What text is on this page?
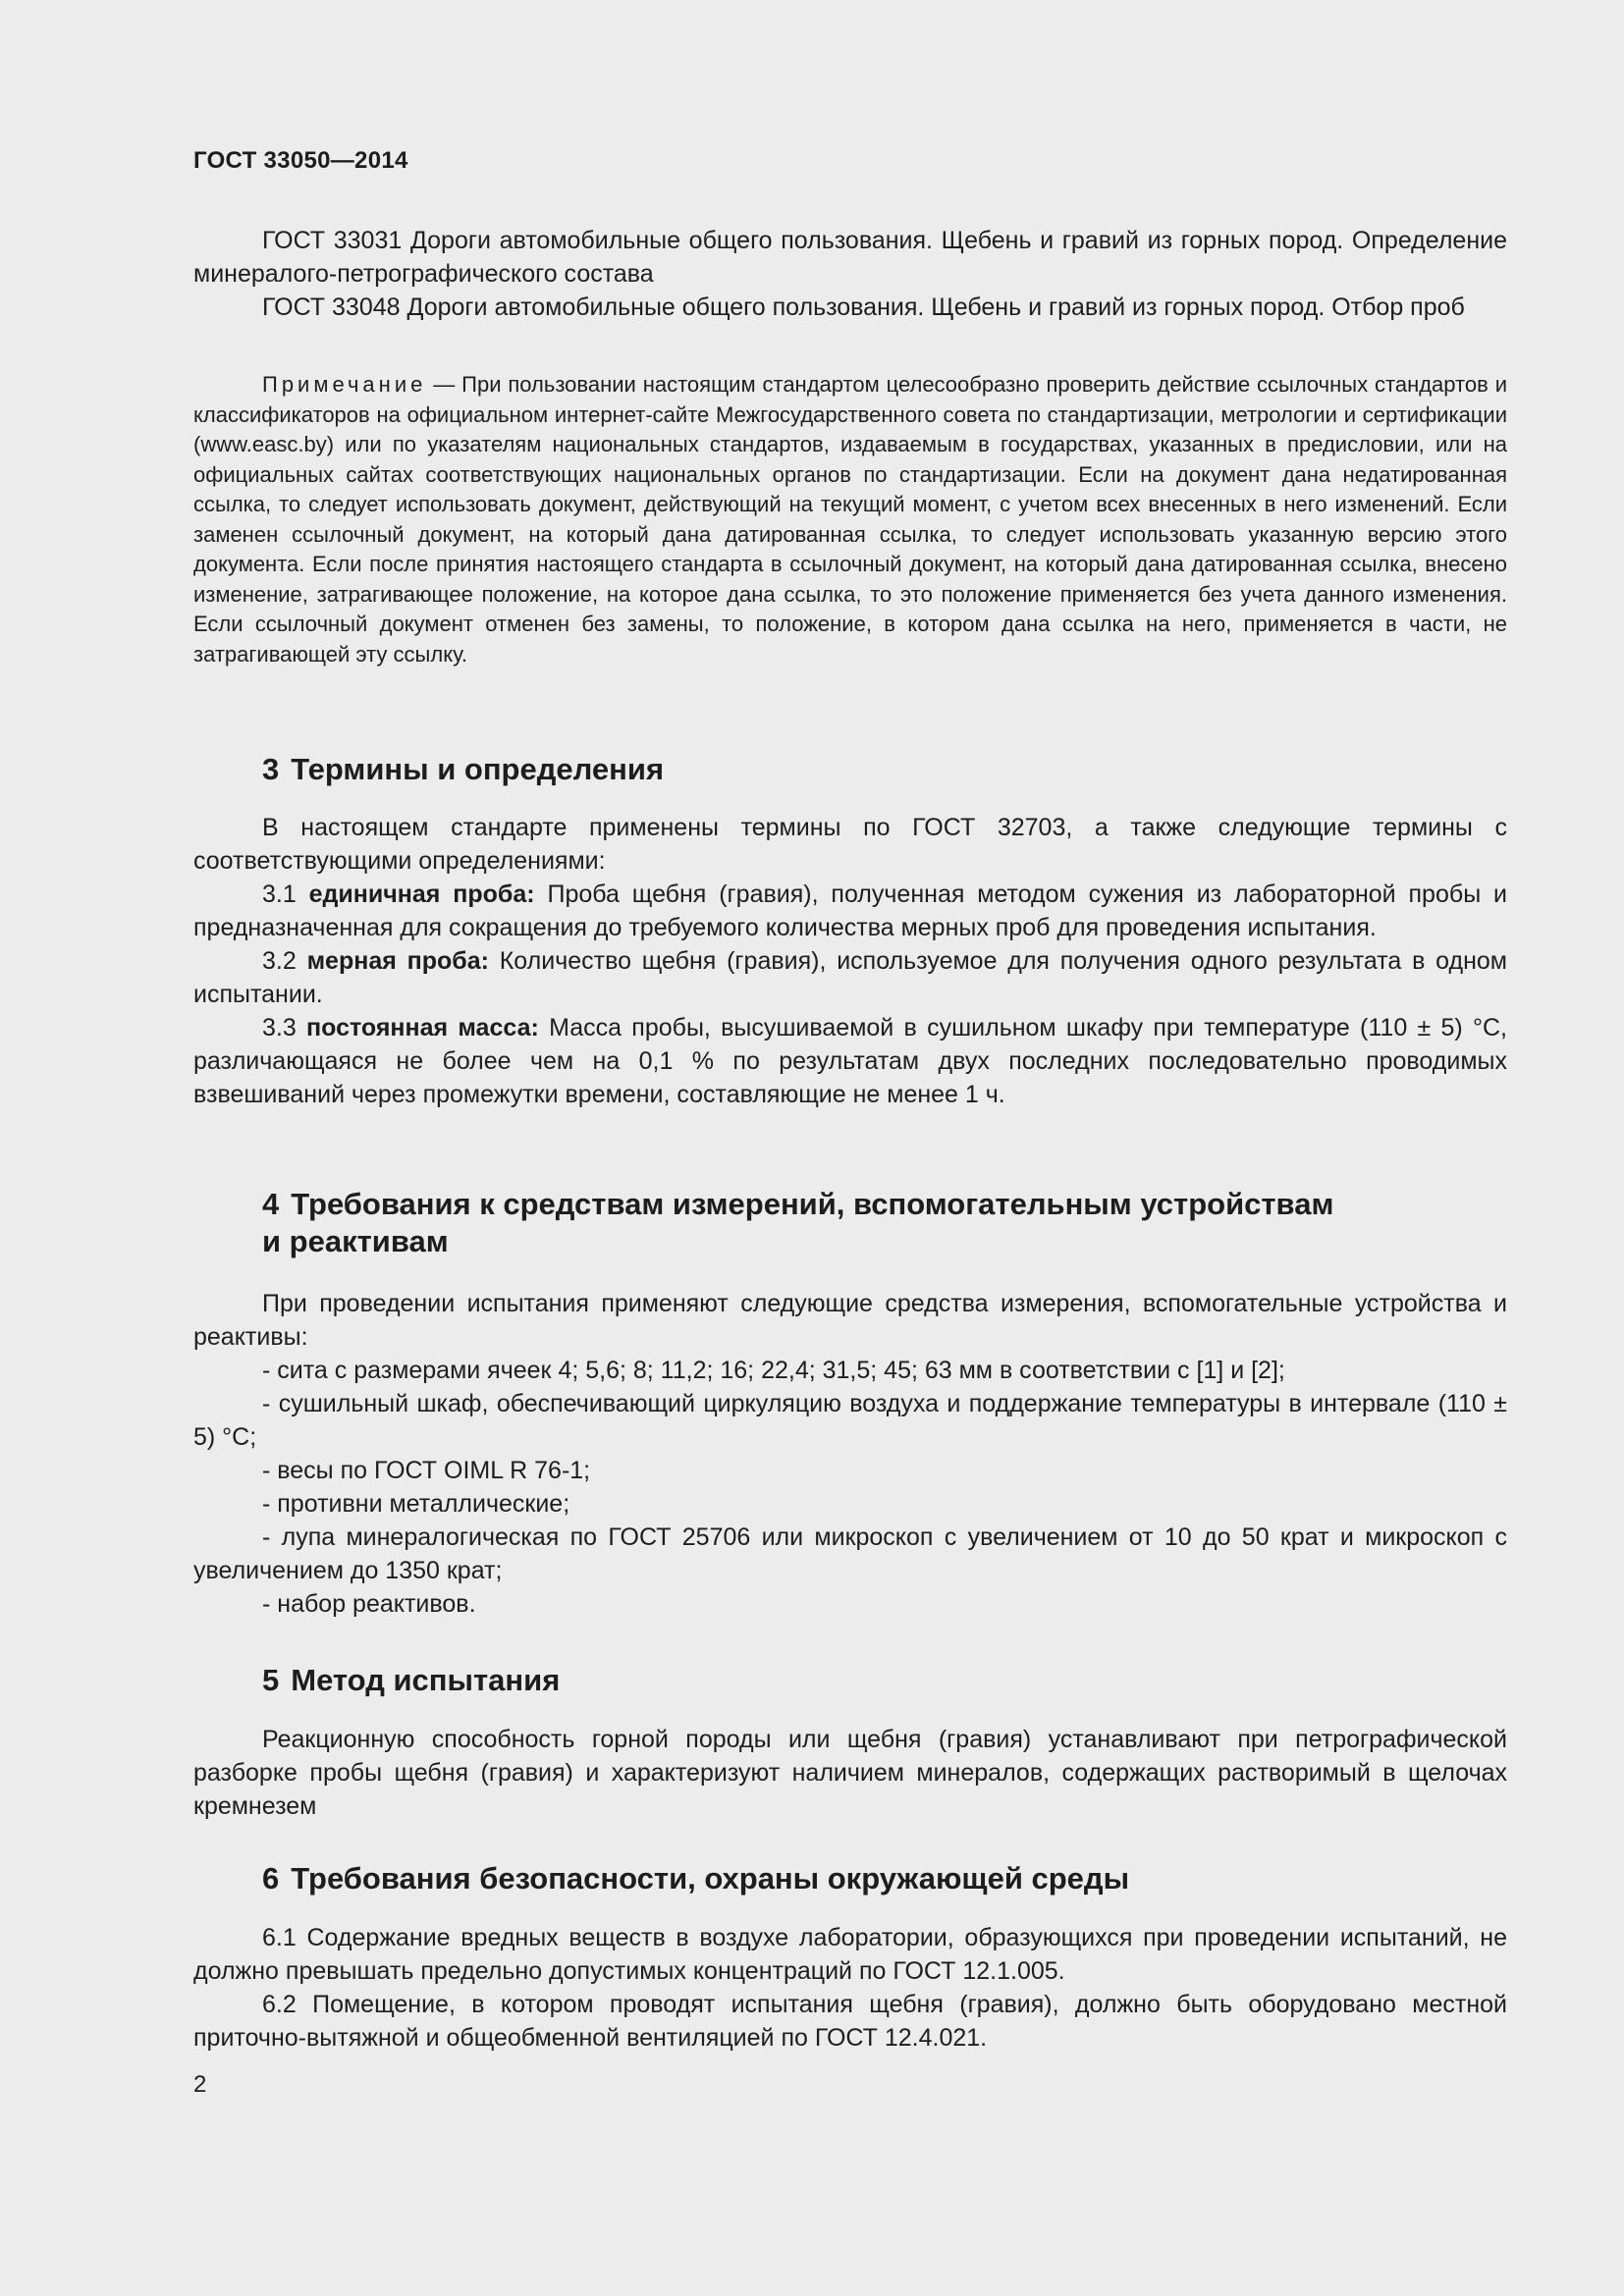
ГОСТ 33050—2014

ГОСТ 33031 Дороги автомобильные общего пользования. Щебень и гравий из горных пород. Определение минералого-петрографического состава

ГОСТ 33048 Дороги автомобильные общего пользования. Щебень и гравий из горных пород. Отбор проб

Примечание — При пользовании настоящим стандартом целесообразно проверить действие ссылочных стандартов и классификаторов на официальном интернет-сайте Межгосударственного совета по стандартизации, метрологии и сертификации (www.easc.by) или по указателям национальных стандартов, издаваемым в государствах, указанных в предисловии, или на официальных сайтах соответствующих национальных органов по стандартизации. Если на документ дана недатированная ссылка, то следует использовать документ, действующий на текущий момент, с учетом всех внесенных в него изменений. Если заменен ссылочный документ, на который дана датированная ссылка, то следует использовать указанную версию этого документа. Если после принятия настоящего стандарта в ссылочный документ, на который дана датированная ссылка, внесено изменение, затрагивающее положение, на которое дана ссылка, то это положение применяется без учета данного изменения. Если ссылочный документ отменен без замены, то положение, в котором дана ссылка на него, применяется в части, не затрагивающей эту ссылку.

3 Термины и определения

В настоящем стандарте применены термины по ГОСТ 32703, а также следующие термины с соответствующими определениями:

3.1 единичная проба: Проба щебня (гравия), полученная методом сужения из лабораторной пробы и предназначенная для сокращения до требуемого количества мерных проб для проведения испытания.

3.2 мерная проба: Количество щебня (гравия), используемое для получения одного результата в одном испытании.

3.3 постоянная масса: Масса пробы, высушиваемой в сушильном шкафу при температуре (110 ± 5) °С, различающаяся не более чем на 0,1 % по результатам двух последних последовательно проводимых взвешиваний через промежутки времени, составляющие не менее 1 ч.

4 Требования к средствам измерений, вспомогательным устройствам
и реактивам

При проведении испытания применяют следующие средства измерения, вспомогательные устройства и реактивы:

- сита с размерами ячеек 4; 5,6; 8; 11,2; 16; 22,4; 31,5; 45; 63 мм в соответствии с [1] и [2];

- сушильный шкаф, обеспечивающий циркуляцию воздуха и поддержание температуры в интервале (110 ± 5) °С;

- весы по ГОСТ OIML R 76-1;

- противни металлические;

- лупа минералогическая по ГОСТ 25706 или микроскоп с увеличением от 10 до 50 крат и микроскоп с увеличением до 1350 крат;

- набор реактивов.

5 Метод испытания

Реакционную способность горной породы или щебня (гравия) устанавливают при петрографической разборке пробы щебня (гравия) и характеризуют наличием минералов, содержащих растворимый в щелочах кремнезем

6 Требования безопасности, охраны окружающей среды

6.1 Содержание вредных веществ в воздухе лаборатории, образующихся при проведении испытаний, не должно превышать предельно допустимых концентраций по ГОСТ 12.1.005.

6.2 Помещение, в котором проводят испытания щебня (гравия), должно быть оборудовано местной приточно-вытяжной и общеобменной вентиляцией по ГОСТ 12.4.021.

2
